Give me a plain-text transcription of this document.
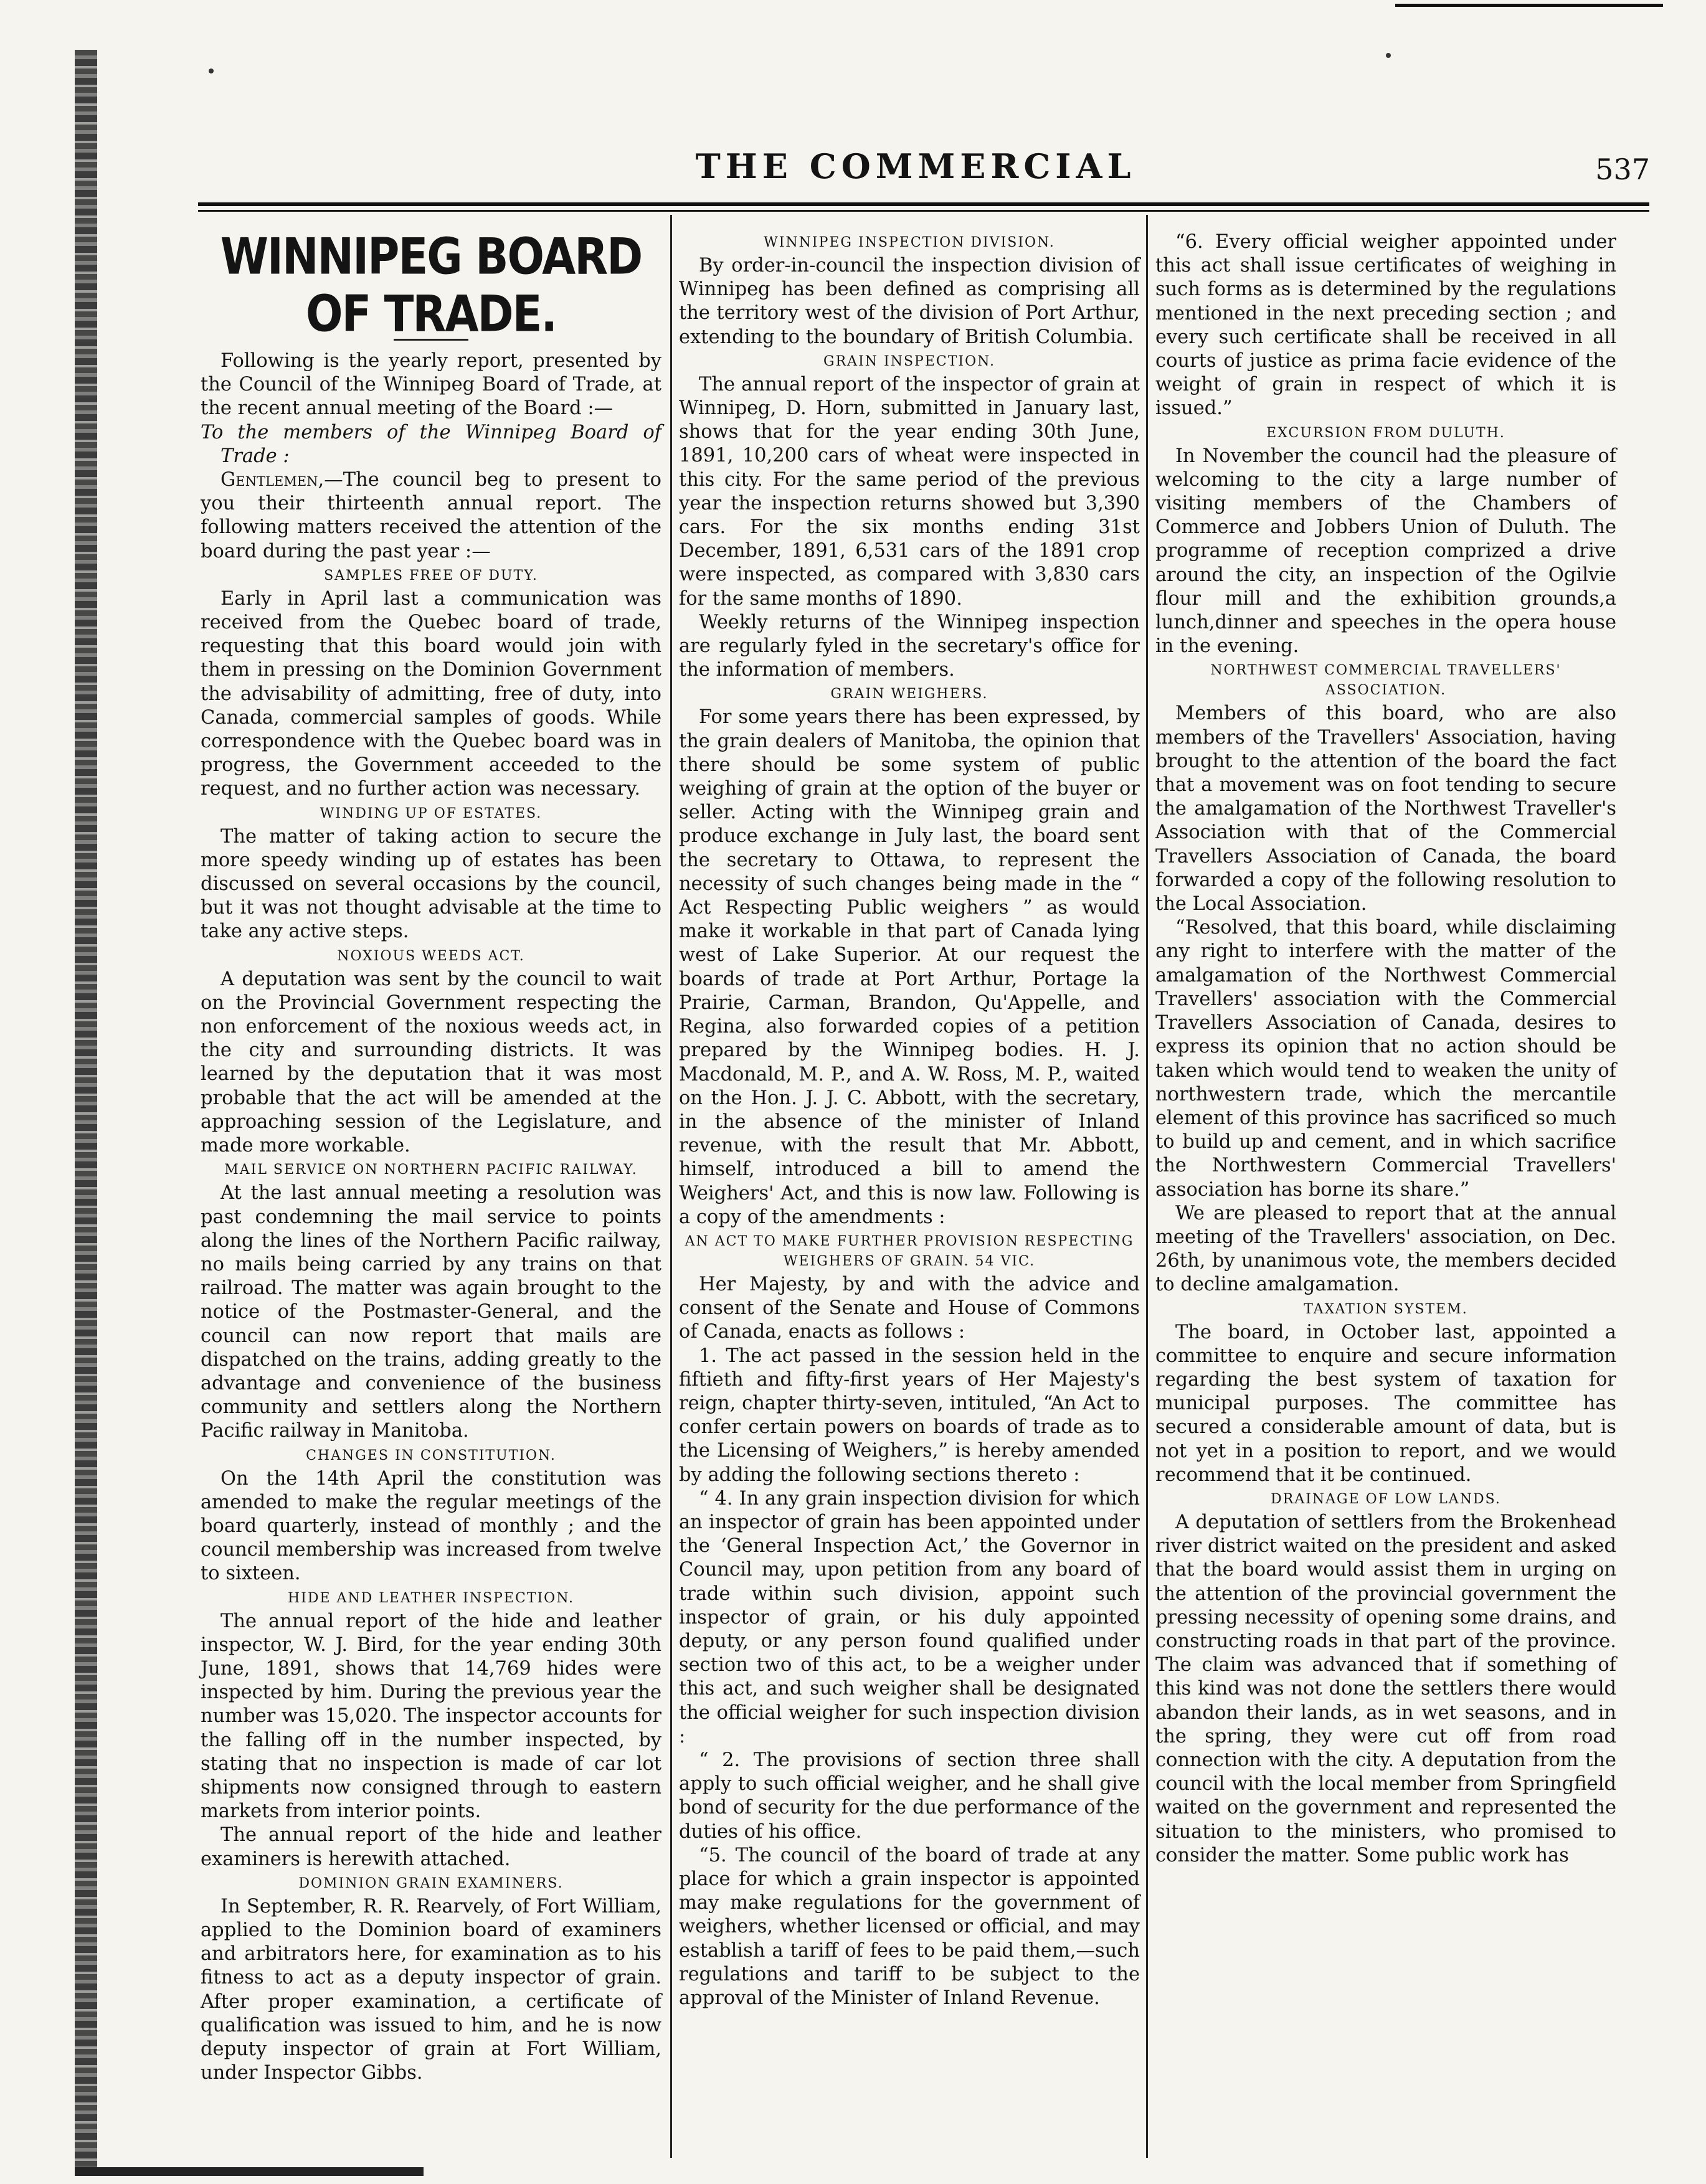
THE COMMERCIAL	537
WINNIPEG BOARD OF TRADE.

Following is the yearly report, presented by the Council of the Winnipeg Board of Trade, at the recent annual meeting of the Board :—

To the members of the Winnipeg Board of Trade :

Gentlemen,—The council beg to present to you their thirteenth annual report. The following matters received the attention of the board during the past year :—

SAMPLES FREE OF DUTY.

Early in April last a communication was received from the Quebec board of trade, requesting that this board would join with them in pressing on the Dominion Government the advisability of admitting, free of duty, into Canada, commercial samples of goods. While correspondence with the Quebec board was in progress, the Government acceeded to the request, and no further action was necessary.

WINDING UP OF ESTATES.

The matter of taking action to secure the more speedy winding up of estates has been discussed on several occasions by the council, but it was not thought advisable at the time to take any active steps.

NOXIOUS WEEDS ACT.

A deputation was sent by the council to wait on the Provincial Government respecting the non enforcement of the noxious weeds act, in the city and surrounding districts. It was learned by the deputation that it was most probable that the act will be amended at the approaching session of the Legislature, and made more workable.

MAIL SERVICE ON NORTHERN PACIFIC RAILWAY.

At the last annual meeting a resolution was past condemning the mail service to points along the lines of the Northern Pacific railway, no mails being carried by any trains on that railroad. The matter was again brought to the notice of the Postmaster-General, and the council can now report that mails are dispatched on the trains, adding greatly to the advantage and convenience of the business community and settlers along the Northern Pacific railway in Manitoba.

CHANGES IN CONSTITUTION.

On the 14th April the constitution was amended to make the regular meetings of the board quarterly, instead of monthly ; and the council membership was increased from twelve to sixteen.

HIDE AND LEATHER INSPECTION.

The annual report of the hide and leather inspector, W. J. Bird, for the year ending 30th June, 1891, shows that 14,769 hides were inspected by him. During the previous year the number was 15,020. The inspector accounts for the falling off in the number inspected, by stating that no inspection is made of car lot shipments now consigned through to eastern markets from interior points.

The annual report of the hide and leather examiners is herewith attached.

DOMINION GRAIN EXAMINERS.

In September, R. R. Rearvely, of Fort William, applied to the Dominion board of examiners and arbitrators here, for examination as to his fitness to act as a deputy inspector of grain. After proper examination, a certificate of qualification was issued to him, and he is now deputy inspector of grain at Fort William, under Inspector Gibbs.

WINNIPEG INSPECTION DIVISION.

By order-in-council the inspection division of Winnipeg has been defined as comprising all the territory west of the division of Port Arthur, extending to the boundary of British Columbia.

GRAIN INSPECTION.

The annual report of the inspector of grain at Winnipeg, D. Horn, submitted in January last, shows that for the year ending 30th June, 1891, 10,200 cars of wheat were inspected in this city. For the same period of the previous year the inspection returns showed but 3,390 cars. For the six months ending 31st December, 1891, 6,531 cars of the 1891 crop were inspected, as compared with 3,830 cars for the same months of 1890.

Weekly returns of the Winnipeg inspection are regularly fyled in the secretary's office for the information of members.

GRAIN WEIGHERS.

For some years there has been expressed, by the grain dealers of Manitoba, the opinion that there should be some system of public weighing of grain at the option of the buyer or seller. Acting with the Winnipeg grain and produce exchange in July last, the board sent the secretary to Ottawa, to represent the necessity of such changes being made in the “ Act Respecting Public weighers ” as would make it workable in that part of Canada lying west of Lake Superior. At our request the boards of trade at Port Arthur, Portage la Prairie, Carman, Brandon, Qu'Appelle, and Regina, also forwarded copies of a petition prepared by the Winnipeg bodies. H. J. Macdonald, M. P., and A. W. Ross, M. P., waited on the Hon. J. J. C. Abbott, with the secretary, in the absence of the minister of Inland revenue, with the result that Mr. Abbott, himself, introduced a bill to amend the Weighers' Act, and this is now law. Following is a copy of the amendments :

AN ACT TO MAKE FURTHER PROVISION RESPECTING WEIGHERS OF GRAIN. 54 VIC.

Her Majesty, by and with the advice and consent of the Senate and House of Commons of Canada, enacts as follows :

1. The act passed in the session held in the fiftieth and fifty-first years of Her Majesty's reign, chapter thirty-seven, intituled, “An Act to confer certain powers on boards of trade as to the Licensing of Weighers,” is hereby amended by adding the following sections thereto :

“ 4. In any grain inspection division for which an inspector of grain has been appointed under the ‘General Inspection Act,’ the Governor in Council may, upon petition from any board of trade within such division, appoint such inspector of grain, or his duly appointed deputy, or any person found qualified under section two of this act, to be a weigher under this act, and such weigher shall be designated the official weigher for such inspection division :

“ 2. The provisions of section three shall apply to such official weigher, and he shall give bond of security for the due performance of the duties of his office.

“5. The council of the board of trade at any place for which a grain inspector is appointed may make regulations for the government of weighers, whether licensed or official, and may establish a tariff of fees to be paid them,—such regulations and tariff to be subject to the approval of the Minister of Inland Revenue.

“6. Every official weigher appointed under this act shall issue certificates of weighing in such forms as is determined by the regulations mentioned in the next preceding section ; and every such certificate shall be received in all courts of justice as prima facie evidence of the weight of grain in respect of which it is issued.”

EXCURSION FROM DULUTH.

In November the council had the pleasure of welcoming to the city a large number of visiting members of the Chambers of Commerce and Jobbers Union of Duluth. The programme of reception comprized a drive around the city, an inspection of the Ogilvie flour mill and the exhibition grounds,a lunch,dinner and speeches in the opera house in the evening.

NORTHWEST COMMERCIAL TRAVELLERS' ASSOCIATION.

Members of this board, who are also members of the Travellers' Association, having brought to the attention of the board the fact that a movement was on foot tending to secure the amalgamation of the Northwest Traveller's Association with that of the Commercial Travellers Association of Canada, the board forwarded a copy of the following resolution to the Local Association.

“Resolved, that this board, while disclaiming any right to interfere with the matter of the amalgamation of the Northwest Commercial Travellers' association with the Commercial Travellers Association of Canada, desires to express its opinion that no action should be taken which would tend to weaken the unity of northwestern trade, which the mercantile element of this province has sacrificed so much to build up and cement, and in which sacrifice the Northwestern Commercial Travellers' association has borne its share.”

We are pleased to report that at the annual meeting of the Travellers' association, on Dec. 26th, by unanimous vote, the members decided to decline amalgamation.

TAXATION SYSTEM.

The board, in October last, appointed a committee to enquire and secure information regarding the best system of taxation for municipal purposes. The committee has secured a considerable amount of data, but is not yet in a position to report, and we would recommend that it be continued.

DRAINAGE OF LOW LANDS.

A deputation of settlers from the Brokenhead river district waited on the president and asked that the board would assist them in urging on the attention of the provincial government the pressing necessity of opening some drains, and constructing roads in that part of the province. The claim was advanced that if something of this kind was not done the settlers there would abandon their lands, as in wet seasons, and in the spring, they were cut off from road connection with the city. A deputation from the council with the local member from Springfield waited on the government and represented the situation to the ministers, who promised to consider the matter. Some public work has
